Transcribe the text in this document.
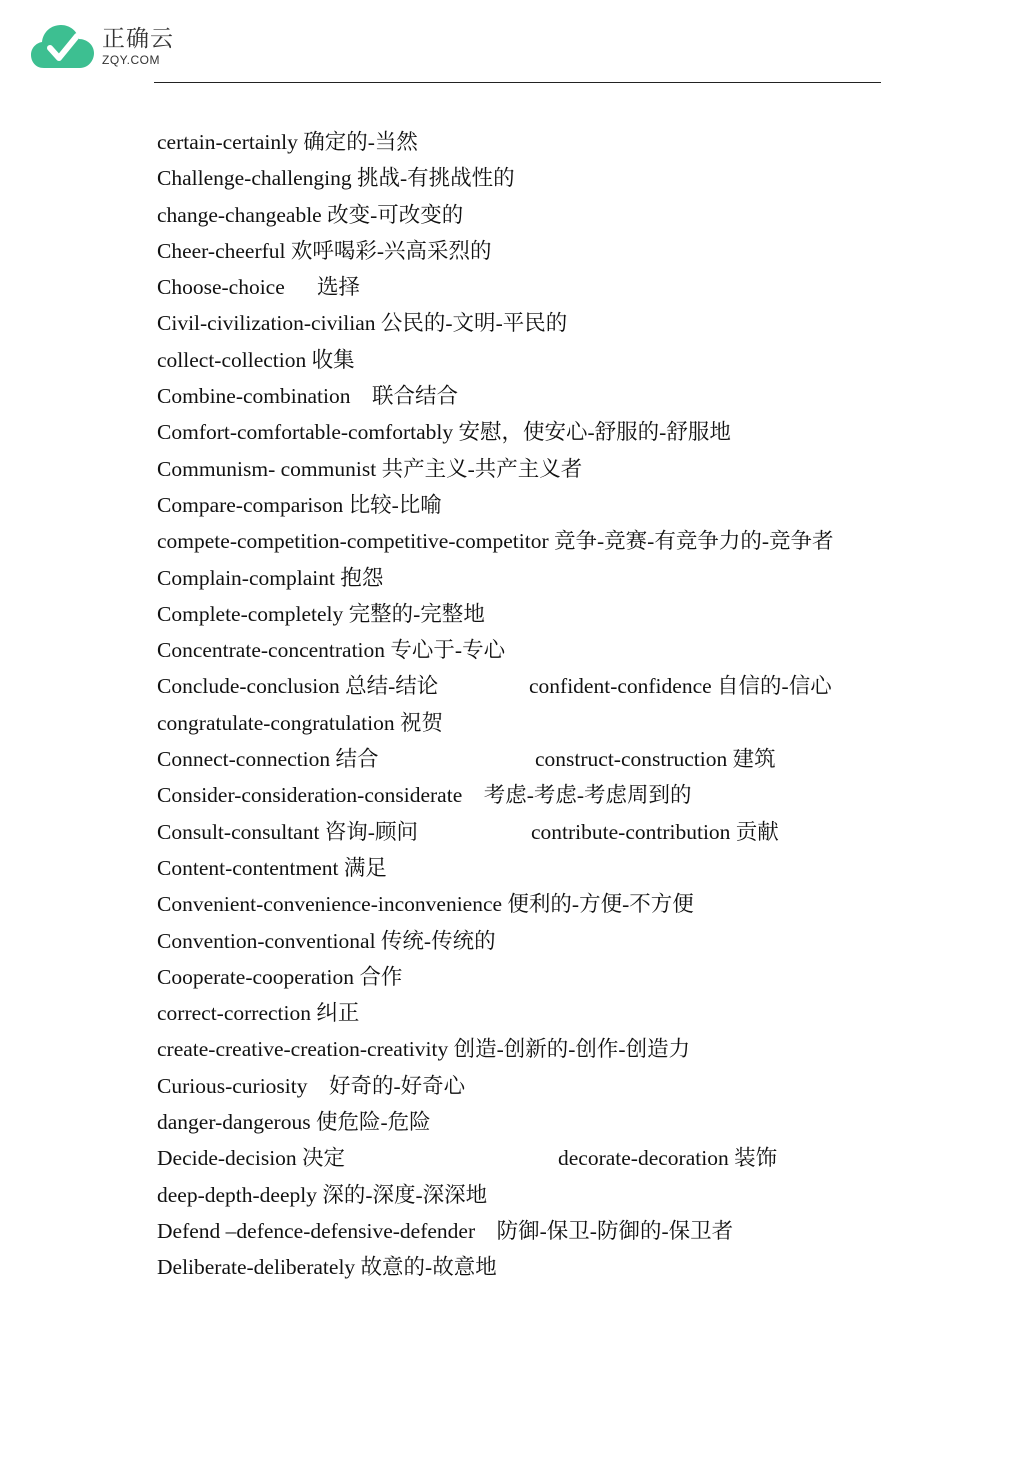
正确云
ZQY.COM
certain-certainly 确定的-当然
Challenge-challenging 挑战-有挑战性的
change-changeable 改变-可改变的
Cheer-cheerful 欢呼喝彩-兴高采烈的
Choose-choice      选择
Civil-civilization-civilian 公民的-文明-平民的
collect-collection 收集
Combine-combination    联合结合
Comfort-comfortable-comfortably 安慰，使安心-舒服的-舒服地
Communism- communist 共产主义-共产主义者
Compare-comparison 比较-比喻
compete-competition-competitive-competitor 竞争-竞赛-有竞争力的-竞争者
Complain-complaint 抱怨
Complete-completely 完整的-完整地
Concentrate-concentration 专心于-专心
Conclude-conclusion 总结-结论	confident-confidence 自信的-信心
congratulate-congratulation 祝贺
Connect-connection 结合	construct-construction 建筑
Consider-consideration-considerate    考虑-考虑-考虑周到的
Consult-consultant 咨询-顾问	contribute-contribution 贡献
Content-contentment 满足
Convenient-convenience-inconvenience 便利的-方便-不方便
Convention-conventional 传统-传统的
Cooperate-cooperation 合作
correct-correction 纠正
create-creative-creation-creativity 创造-创新的-创作-创造力
Curious-curiosity    好奇的-好奇心
danger-dangerous 使危险-危险
Decide-decision 决定	decorate-decoration 装饰
deep-depth-deeply 深的-深度-深深地
Defend –defence-defensive-defender    防御-保卫-防御的-保卫者
Deliberate-deliberately 故意的-故意地
